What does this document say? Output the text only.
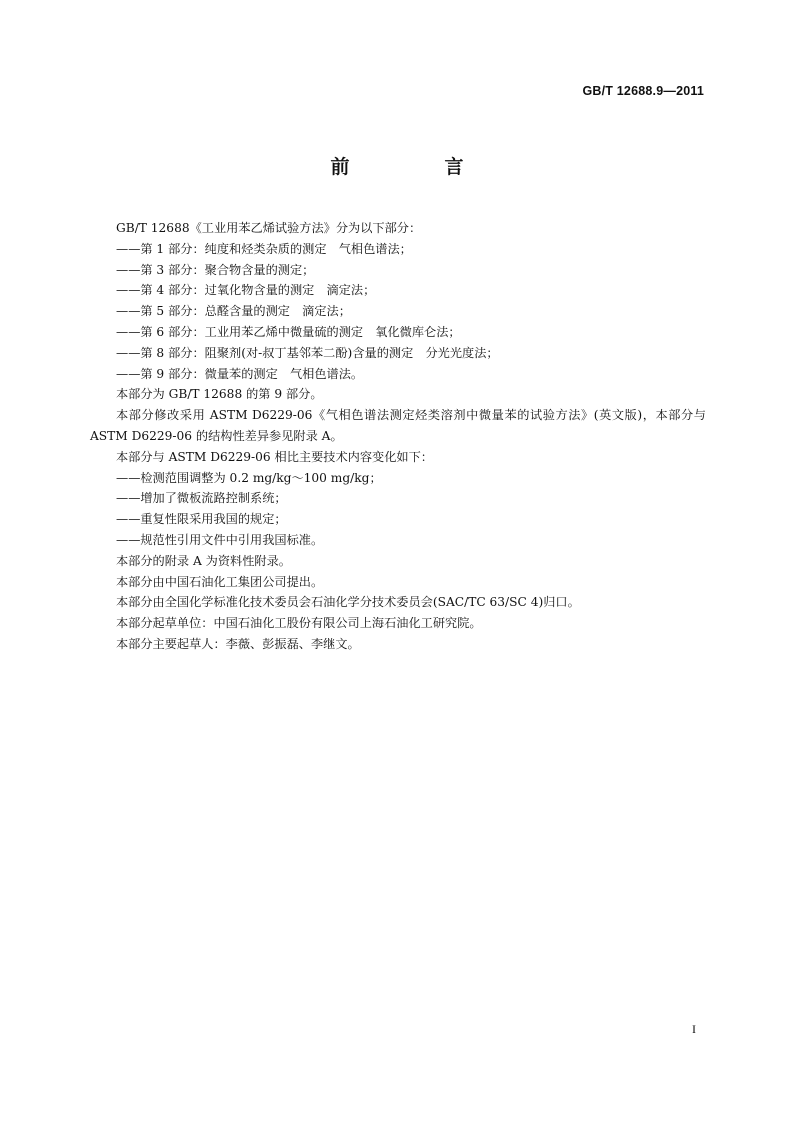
GB/T 12688.9—2011
前　言

GB/T 12688《工业用苯乙烯试验方法》分为以下部分：

——第 1 部分：纯度和烃类杂质的测定　气相色谱法；

——第 3 部分：聚合物含量的测定；

——第 4 部分：过氧化物含量的测定　滴定法；

——第 5 部分：总醛含量的测定　滴定法；

——第 6 部分：工业用苯乙烯中微量硫的测定　氧化微库仑法；

——第 8 部分：阻聚剂(对-叔丁基邻苯二酚)含量的测定　分光光度法；

——第 9 部分：微量苯的测定　气相色谱法。

本部分为 GB/T 12688 的第 9 部分。

本部分修改采用 ASTM D6229-06《气相色谱法测定烃类溶剂中微量苯的试验方法》(英文版)，本部分与 ASTM D6229-06 的结构性差异参见附录 A。

本部分与 ASTM D6229-06 相比主要技术内容变化如下：

——检测范围调整为 0.2 mg/kg～100 mg/kg；

——增加了微板流路控制系统；

——重复性限采用我国的规定；

——规范性引用文件中引用我国标准。

本部分的附录 A 为资料性附录。

本部分由中国石油化工集团公司提出。

本部分由全国化学标准化技术委员会石油化学分技术委员会(SAC/TC 63/SC 4)归口。

本部分起草单位：中国石油化工股份有限公司上海石油化工研究院。

本部分主要起草人：李薇、彭振磊、李继文。

I
